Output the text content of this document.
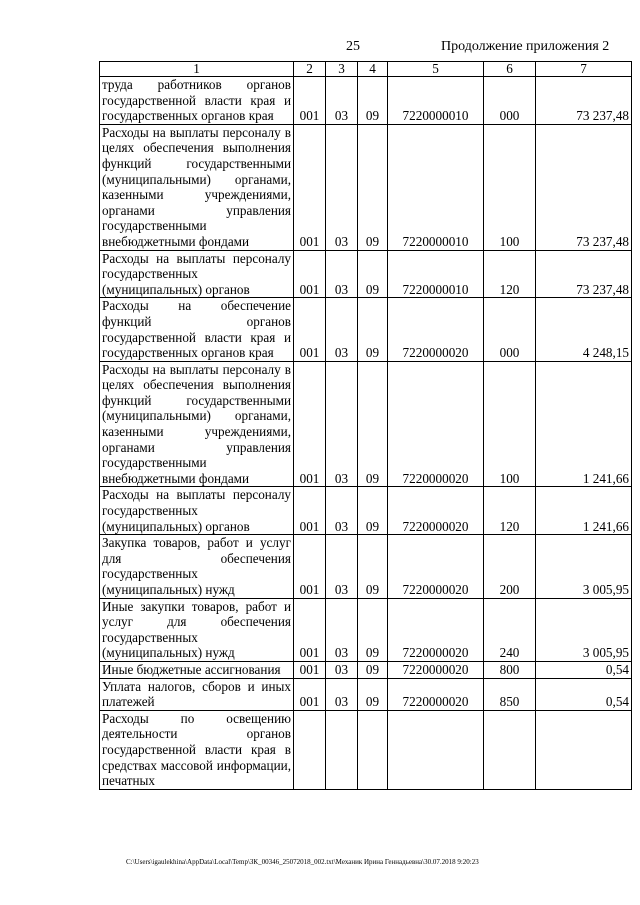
25	Продолжение приложения 2
1	2	3	4	5	6	7
труда работников органов государственной власти края и государственных органов края	001	03	09	7220000010	000	73 237,48
Расходы на выплаты персоналу в целях обеспечения выполнения функций государственными (муниципальными) органами, казенными учреждениями, органами управления государственными внебюджетными фондами	001	03	09	7220000010	100	73 237,48
Расходы на выплаты персоналу государственных (муниципальных) органов	001	03	09	7220000010	120	73 237,48
Расходы на обеспечение функций органов государственной власти края и государственных органов края	001	03	09	7220000020	000	4 248,15
Расходы на выплаты персоналу в целях обеспечения выполнения функций государственными (муниципальными) органами, казенными учреждениями, органами управления государственными внебюджетными фондами	001	03	09	7220000020	100	1 241,66
Расходы на выплаты персоналу государственных (муниципальных) органов	001	03	09	7220000020	120	1 241,66
Закупка товаров, работ и услуг для обеспечения государственных (муниципальных) нужд	001	03	09	7220000020	200	3 005,95
Иные закупки товаров, работ и услуг для обеспечения государственных (муниципальных) нужд	001	03	09	7220000020	240	3 005,95
Иные бюджетные ассигнования	001	03	09	7220000020	800	0,54
Уплата налогов, сборов и иных платежей	001	03	09	7220000020	850	0,54
Расходы по освещению деятельности органов государственной власти края в средствах массовой информации, печатных						
C:\Users\igaulekhina\AppData\Local\Temp\ЗК_00346_25072018_002.txt\Механик Ирина Геннадьевна\30.07.2018 9:20:23
